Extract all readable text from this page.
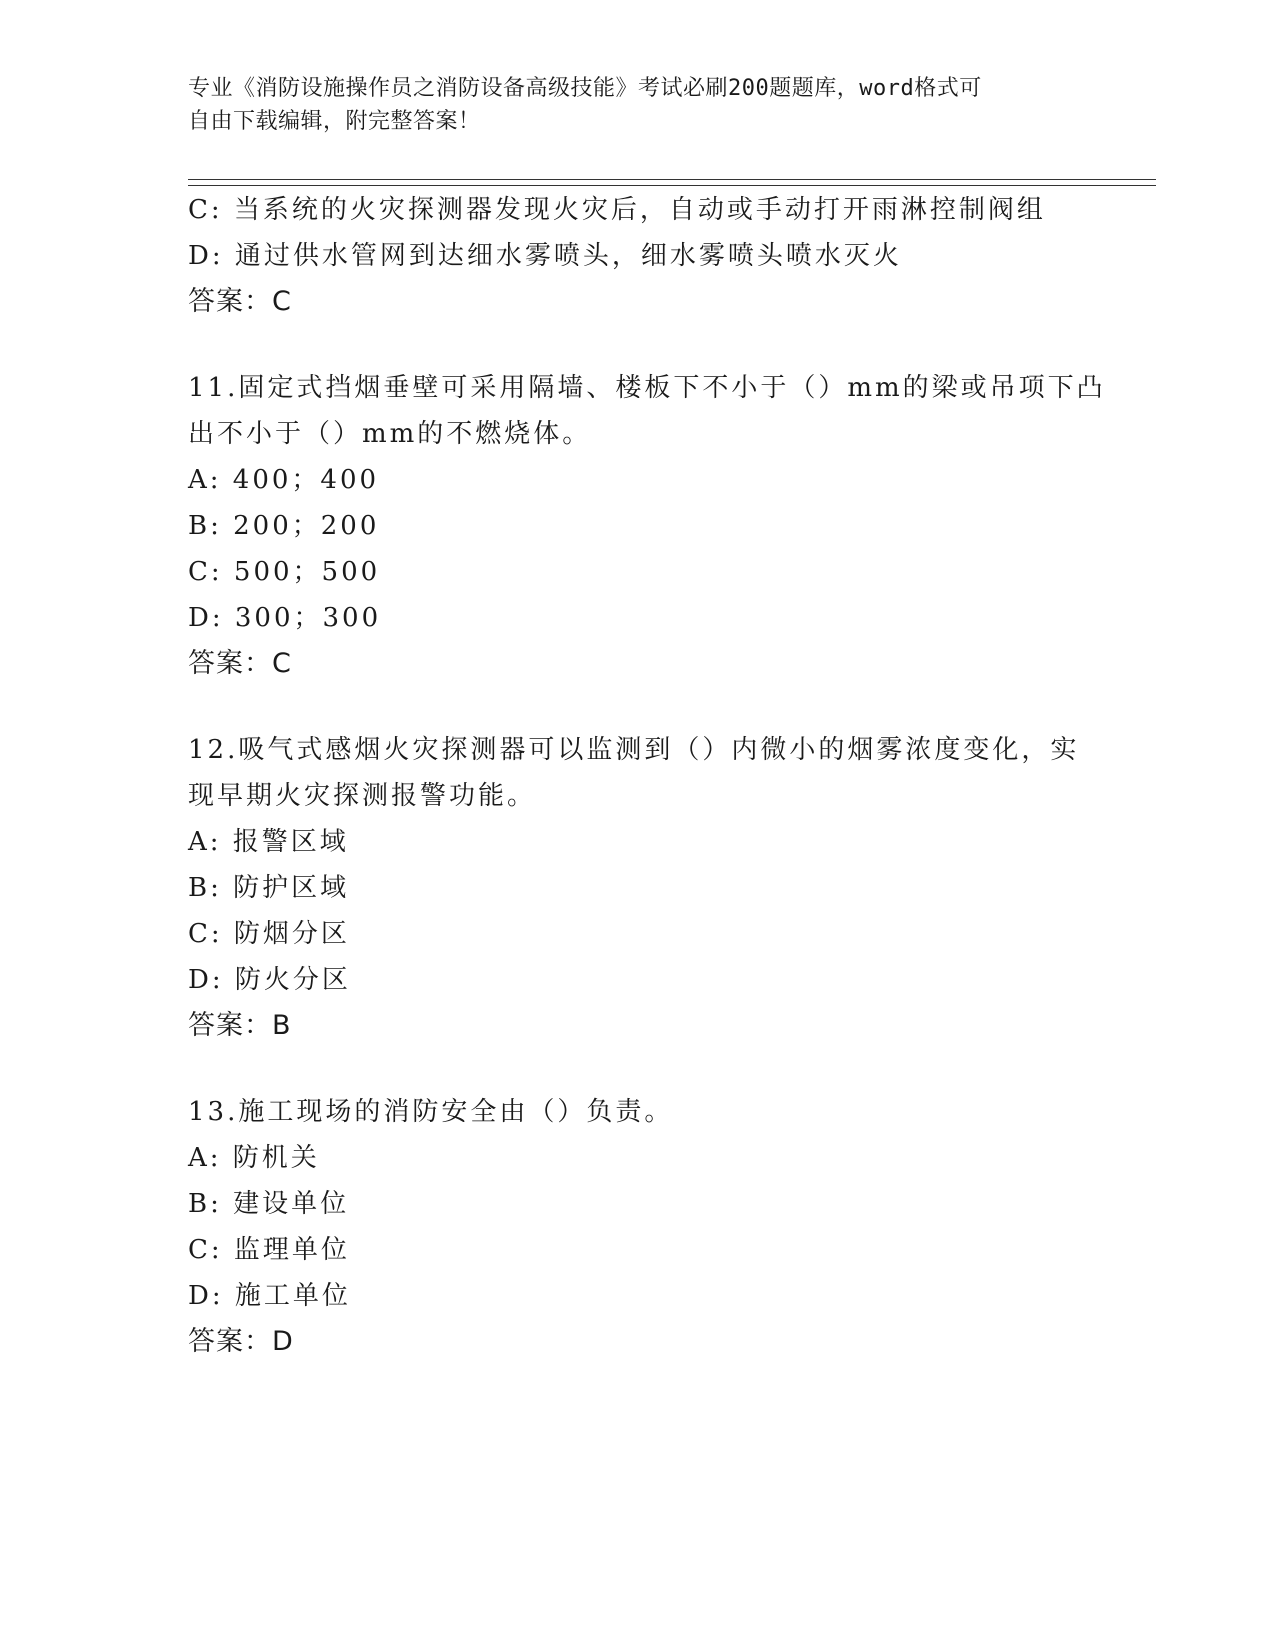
专业《消防设施操作员之消防设备高级技能》考试必刷200题题库，word格式可
自由下载编辑，附完整答案！
C: 当系统的火灾探测器发现火灾后，自动或手动打开雨淋控制阀组
D: 通过供水管网到达细水雾喷头，细水雾喷头喷水灭火
答案：C
11.固定式挡烟垂壁可采用隔墙、楼板下不小于（）mm的梁或吊项下凸
出不小于（）mm的不燃烧体。
A: 400；400
B: 200；200
C: 500；500
D: 300；300
答案：C
12.吸气式感烟火灾探测器可以监测到（）内微小的烟雾浓度变化，实
现早期火灾探测报警功能。
A: 报警区域
B: 防护区域
C: 防烟分区
D: 防火分区
答案：B
13.施工现场的消防安全由（）负责。
A: 防机关
B: 建设单位
C: 监理单位
D: 施工单位
答案：D
